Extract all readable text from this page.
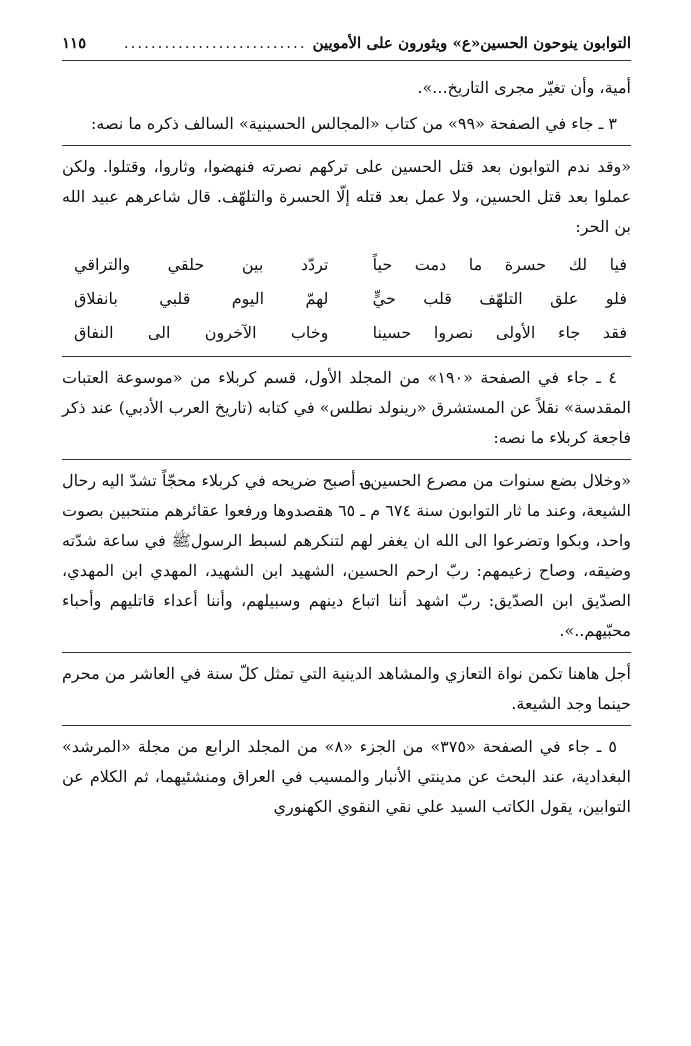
التوابون ينوحون الحسين«ع» ويثورون على الأمويين
...........................
١١٥

أمية، وأن تغيّر مجرى التاريخ...».

٣ ـ جاء في الصفحة «٩٩» من كتاب «المجالس الحسينية» السالف ذكره ما نصه:

«وقد ندم التوابون بعد قتل الحسين على تركهم نصرته فنهضوا، وثاروا، وقتلوا. ولكن عملوا بعد قتل الحسين، ولا عمل بعد قتله إلّا الحسرة والتلهّف. قال شاعرهم عبيد الله بن الحر:

فيا لك حسرة ما دمت حياً
تردّد بين حلقي والتراقي
فلو علق التلهّف قلب حيٍّ
لهمّ اليوم قلبي بانفلاق
فقد جاء الأولى نصروا حسينا
وخاب الآخرون الى النفاق

٤ ـ جاء في الصفحة «١٩٠» من المجلد الأول، قسم كربلاء من «موسوعة العتبات المقدسة» نقلاً عن المستشرق «رينولد نطلس» في كتابه (تاريخ العرب الأدبي) عند ذكر فاجعة كربلاء ما نصه:

«وخلال بضع سنوات من مصرع الحسين؈ أصبح ضريحه في كربلاء محجّاً تشدّ اليه رحال الشيعة، وعند ما ثار التوابون سنة ٦٧٤ م ـ ٦٥ هقصدوها ورفعوا عقائرهم منتحبين بصوت واحد، وبكوا وتضرعوا الى الله ان يغفر لهم لتنكرهم لسبط الرسولﷺ في ساعة شدّته وضيقه، وصاح زعيمهم: ربّ ارحم الحسين، الشهيد ابن الشهيد، المهدي ابن المهدي، الصدّيق ابن الصدّيق: ربّ اشهد أننا اتباع دينهم وسبيلهم، وأننا أعداء قاتليهم وأحباء محبّيهم..».

أجل هاهنا تكمن نواة التعازي والمشاهد الدينية التي تمثل كلّ سنة في العاشر من محرم حينما وجد الشيعة.

٥ ـ جاء في الصفحة «٣٧٥» من الجزء «٨» من المجلد الرابع من مجلة «المرشد» البغدادية، عند البحث عن مدينتي الأنبار والمسيب في العراق ومنشئيهما، ثم الكلام عن التوابين، يقول الكاتب السيد علي نقي النقوي الكهنوري
